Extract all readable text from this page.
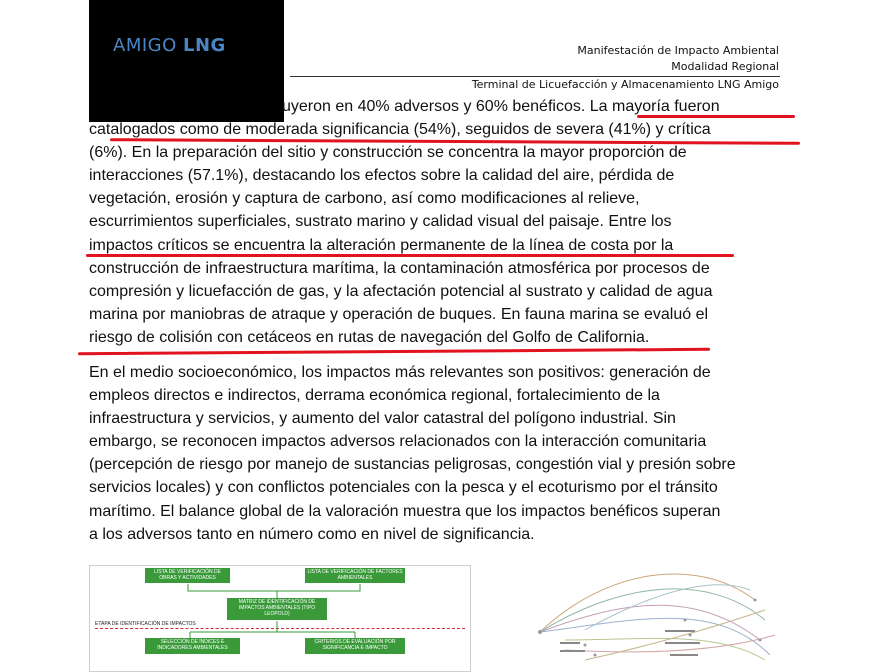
AMIGO LNG	Manifestación de Impacto Ambiental
Modalidad Regional
Terminal de Licuefacción y Almacenamiento LNG Amigo
uyeron en 40% adversos y 60% benéficos. La mayoría fueron
catalogados como de moderada significancia (54%), seguidos de severa (41%) y crítica
(6%). En la preparación del sitio y construcción se concentra la mayor proporción de
interacciones (57.1%), destacando los efectos sobre la calidad del aire, pérdida de
vegetación, erosión y captura de carbono, así como modificaciones al relieve,
escurrimientos superficiales, sustrato marino y calidad visual del paisaje. Entre los
impactos críticos se encuentra la alteración permanente de la línea de costa por la
construcción de infraestructura marítima, la contaminación atmosférica por procesos de
compresión y licuefacción de gas, y la afectación potencial al sustrato y calidad de agua
marina por maniobras de atraque y operación de buques. En fauna marina se evaluó el
riesgo de colisión con cetáceos en rutas de navegación del Golfo de California.
En el medio socioeconómico, los impactos más relevantes son positivos: generación de
empleos directos e indirectos, derrama económica regional, fortalecimiento de la
infraestructura y servicios, y aumento del valor catastral del polígono industrial. Sin
embargo, se reconocen impactos adversos relacionados con la interacción comunitaria
(percepción de riesgo por manejo de sustancias peligrosas, congestión vial y presión sobre
servicios locales) y con conflictos potenciales con la pesca y el ecoturismo por el tránsito
marítimo. El balance global de la valoración muestra que los impactos benéficos superan
a los adversos tanto en número como en nivel de significancia.
LISTA DE VERIFICACIÓN DE OBRAS Y ACTIVIDADES
LISTA DE VERIFICACIÓN DE FACTORES AMBIENTALES
MATRIZ DE IDENTIFICACIÓN DE IMPACTOS AMBIENTALES (TIPO LEOPOLD)
ETAPA DE IDENTIFICACIÓN DE IMPACTOS
SELECCIÓN DE ÍNDICES E INDICADORES AMBIENTALES
CRITERIOS DE EVALUACIÓN POR SIGNIFICANCIA E IMPACTO
